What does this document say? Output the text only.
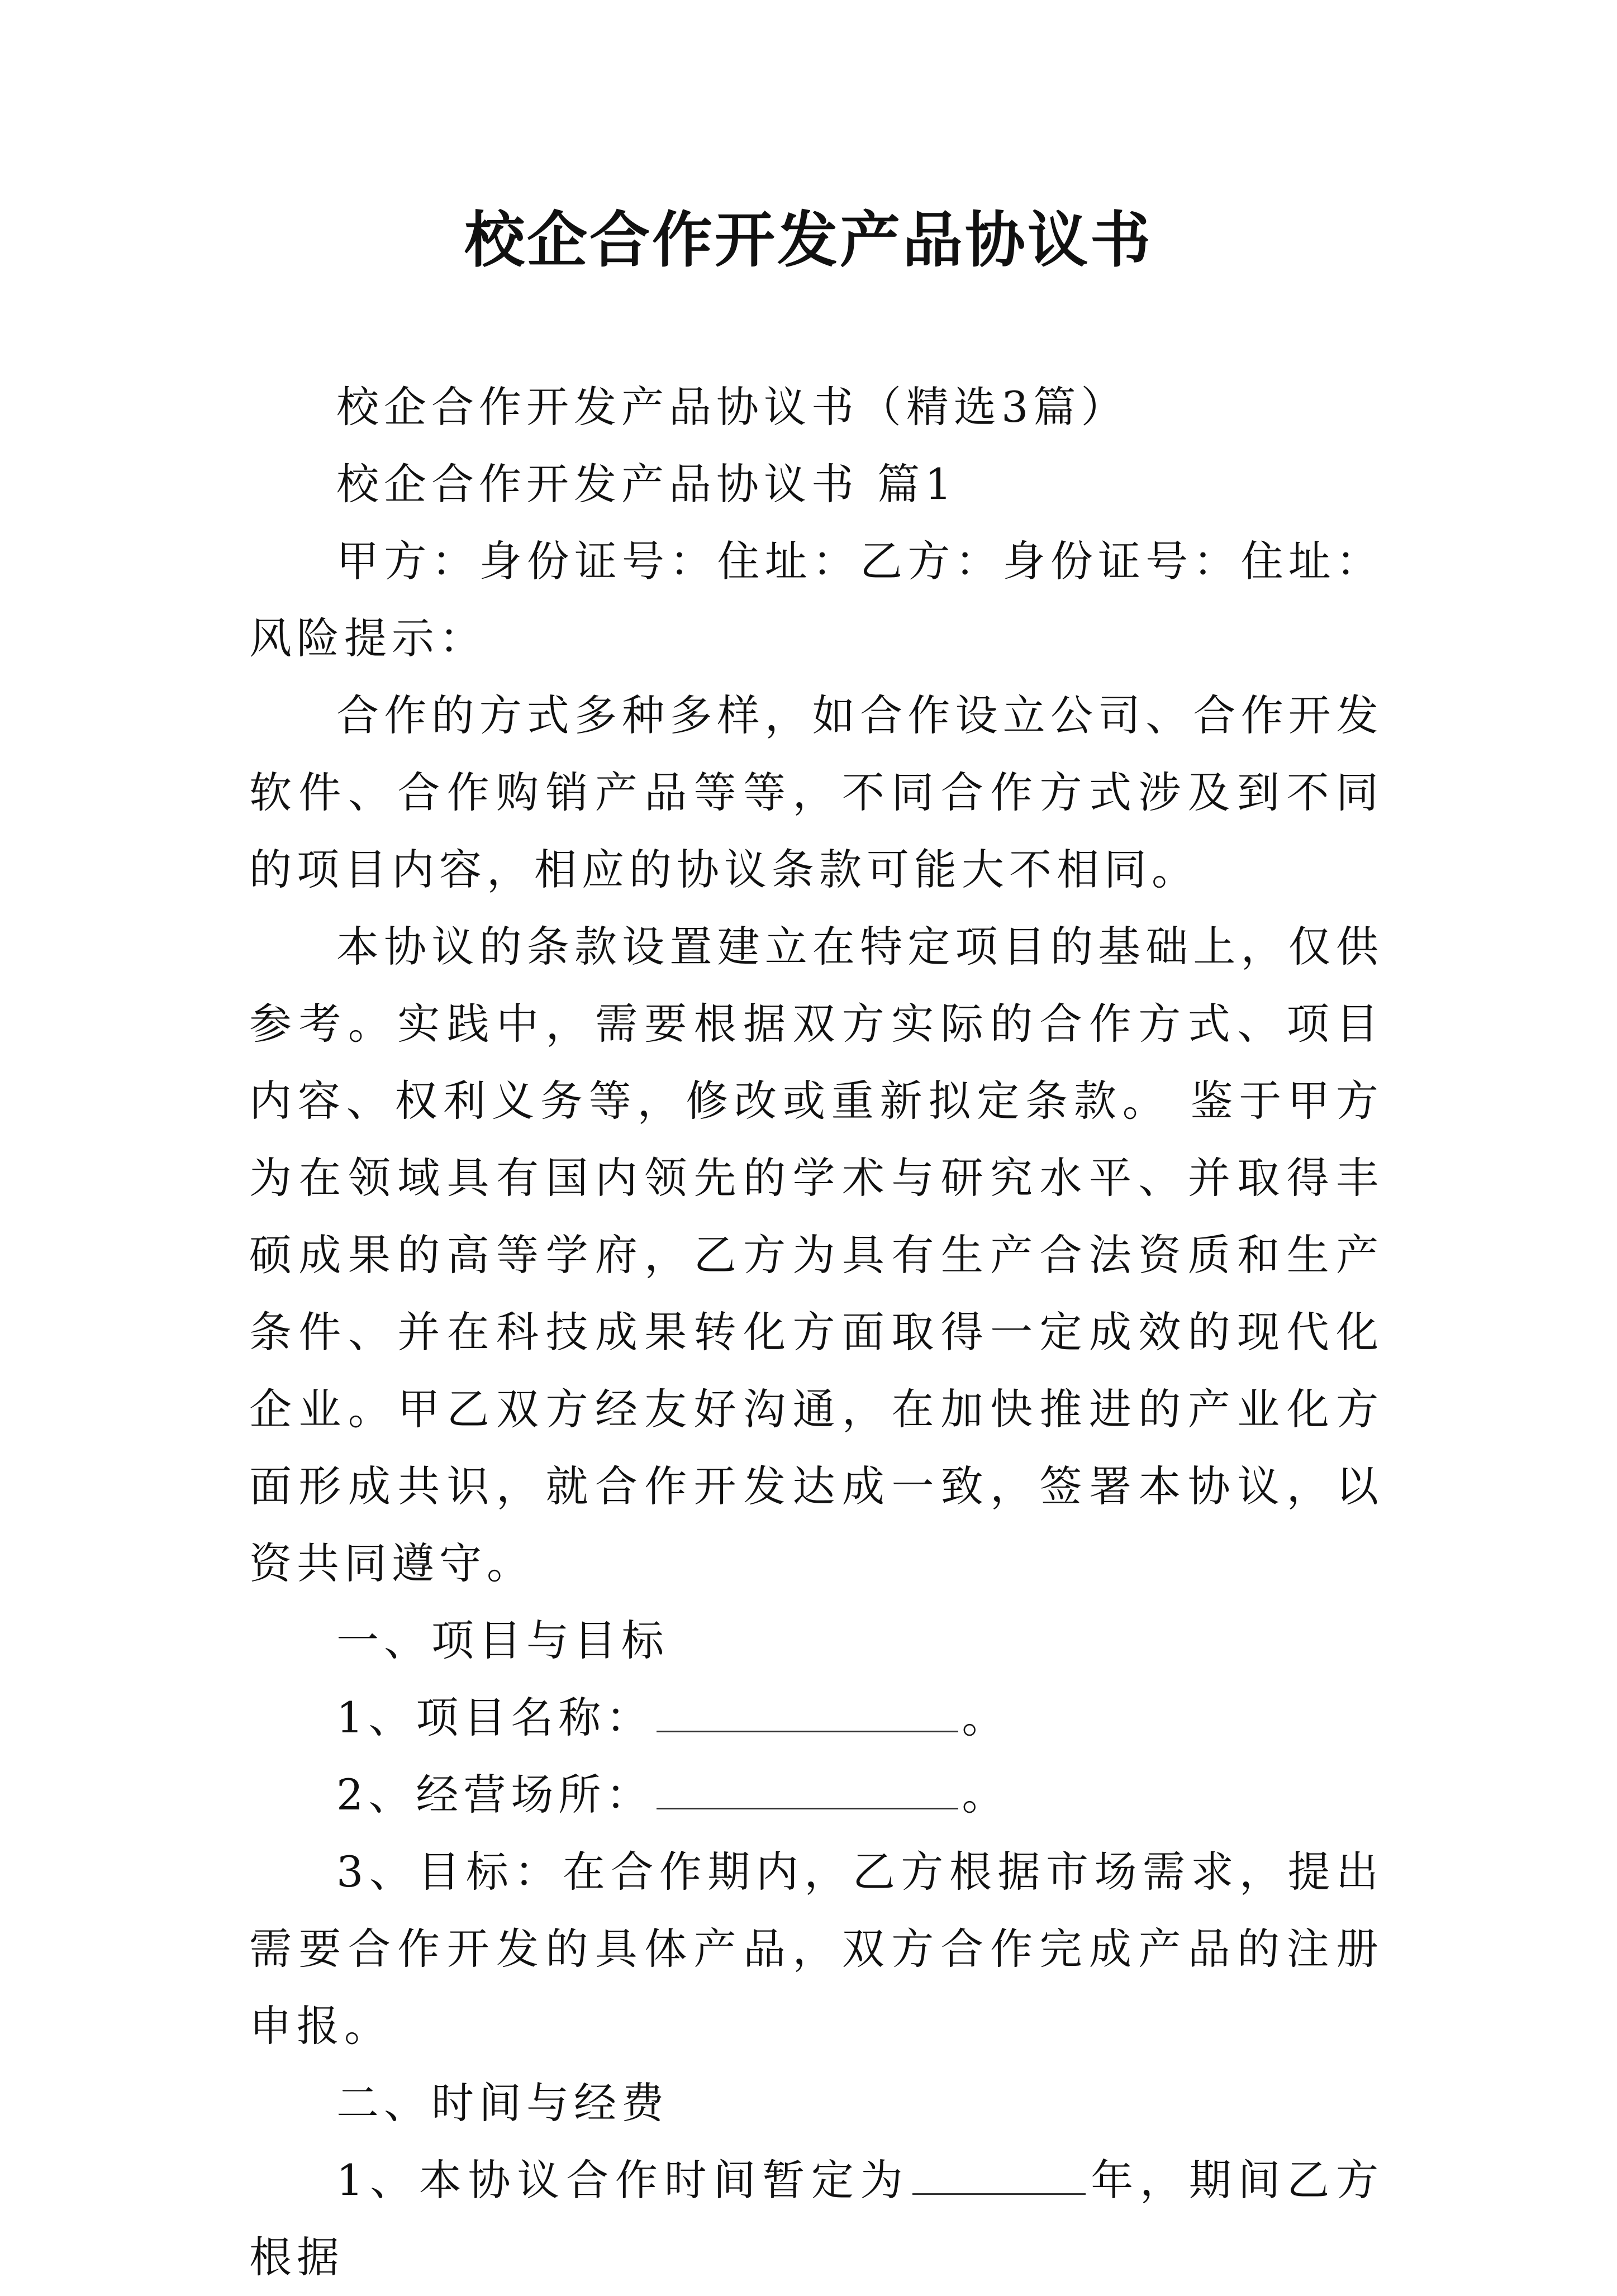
校企合作开发产品协议书

校企合作开发产品协议书（精选3篇）

校企合作开发产品协议书 篇1

甲方：身份证号：住址：乙方：身份证号：住址：风险提示：

合作的方式多种多样，如合作设立公司、合作开发软件、合作购销产品等等，不同合作方式涉及到不同的项目内容，相应的协议条款可能大不相同。

本协议的条款设置建立在特定项目的基础上，仅供参考。实践中，需要根据双方实际的合作方式、项目内容、权利义务等，修改或重新拟定条款。 鉴于甲方为在领域具有国内领先的学术与研究水平、并取得丰硕成果的高等学府，乙方为具有生产合法资质和生产条件、并在科技成果转化方面取得一定成效的现代化企业。甲乙双方经友好沟通，在加快推进的产业化方面形成共识，就合作开发达成一致，签署本协议，以资共同遵守。

一、项目与目标

1、项目名称：	。

2、经营场所：	。

3、目标：在合作期内，乙方根据市场需求，提出需要合作开发的具体产品，双方合作完成产品的注册申报。

二、时间与经费

1、本协议合作时间暂定为	年，期间乙方根据
